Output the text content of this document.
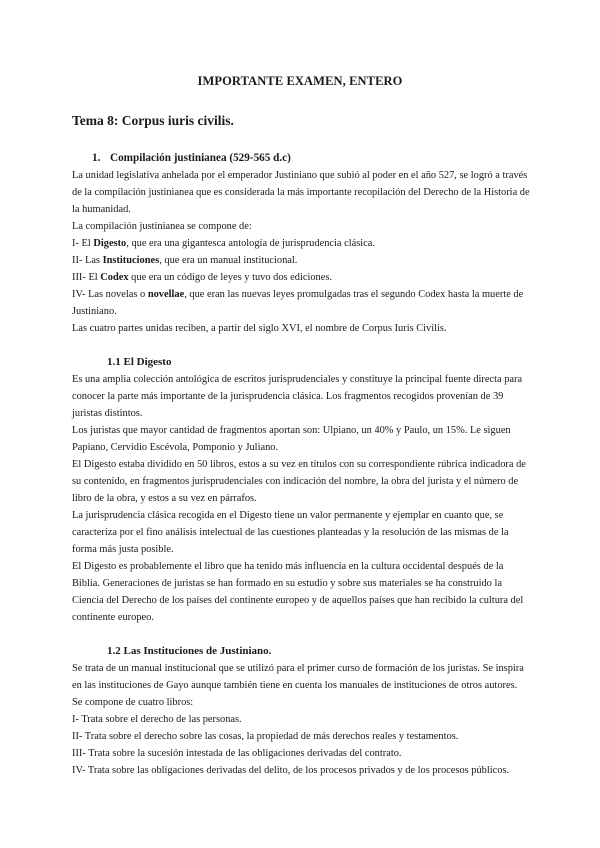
IMPORTANTE EXAMEN, ENTERO
Tema 8: Corpus iuris civilis.
1. Compilación justinianea (529-565 d.c)

La unidad legislativa anhelada por el emperador Justiniano que subió al poder en el año 527, se logró a través de la compilación justinianea que es considerada la más importante recopilación del Derecho de la Historia de la humanidad.

La compilación justinianea se compone de:

I- El Digesto, que era una gigantesca antología de jurisprudencia clásica.

II- Las Instituciones, que era un manual institucional.

III- El Codex que era un código de leyes y tuvo dos ediciones.

IV- Las novelas o novellae, que eran las nuevas leyes promulgadas tras el segundo Codex hasta la muerte de Justiniano.

Las cuatro partes unidas reciben, a partir del siglo XVI, el nombre de Corpus Iuris Civilis.

1.1 El Digesto

Es una amplia colección antológica de escritos jurisprudenciales y constituye la principal fuente directa para conocer la parte más importante de la jurisprudencia clásica. Los fragmentos recogidos provenían de 39 juristas distintos.

Los juristas que mayor cantidad de fragmentos aportan son: Ulpiano, un 40% y Paulo, un 15%. Le siguen Papiano, Cervidio Escévola, Pomponio y Juliano.

El Digesto estaba dividido en 50 libros, estos a su vez en títulos con su correspondiente rúbrica indicadora de su contenido, en fragmentos jurisprudenciales con indicación del nombre, la obra del jurista y el número de libro de la obra, y estos a su vez en párrafos.

La jurisprudencia clásica recogida en el Digesto tiene un valor permanente y ejemplar en cuanto que, se caracteriza por el fino análisis intelectual de las cuestiones planteadas y la resolución de las mismas de la forma más justa posible.

El Digesto es probablemente el libro que ha tenido más influencia en la cultura occidental después de la Biblia. Generaciones de juristas se han formado en su estudio y sobre sus materiales se ha construido la Ciencia del Derecho de los países del continente europeo y de aquellos países que han recibido la cultura del continente europeo.

1.2 Las Instituciones de Justiniano.

Se trata de un manual institucional que se utilizó para el primer curso de formación de los juristas. Se inspira en las instituciones de Gayo aunque también tiene en cuenta los manuales de instituciones de otros autores.

Se compone de cuatro libros:

I- Trata sobre el derecho de las personas.

II- Trata sobre el derecho sobre las cosas, la propiedad de más derechos reales y testamentos.

III- Trata sobre la sucesión intestada de las obligaciones derivadas del contrato.

IV- Trata sobre las obligaciones derivadas del delito, de los procesos privados y de los procesos públicos.
